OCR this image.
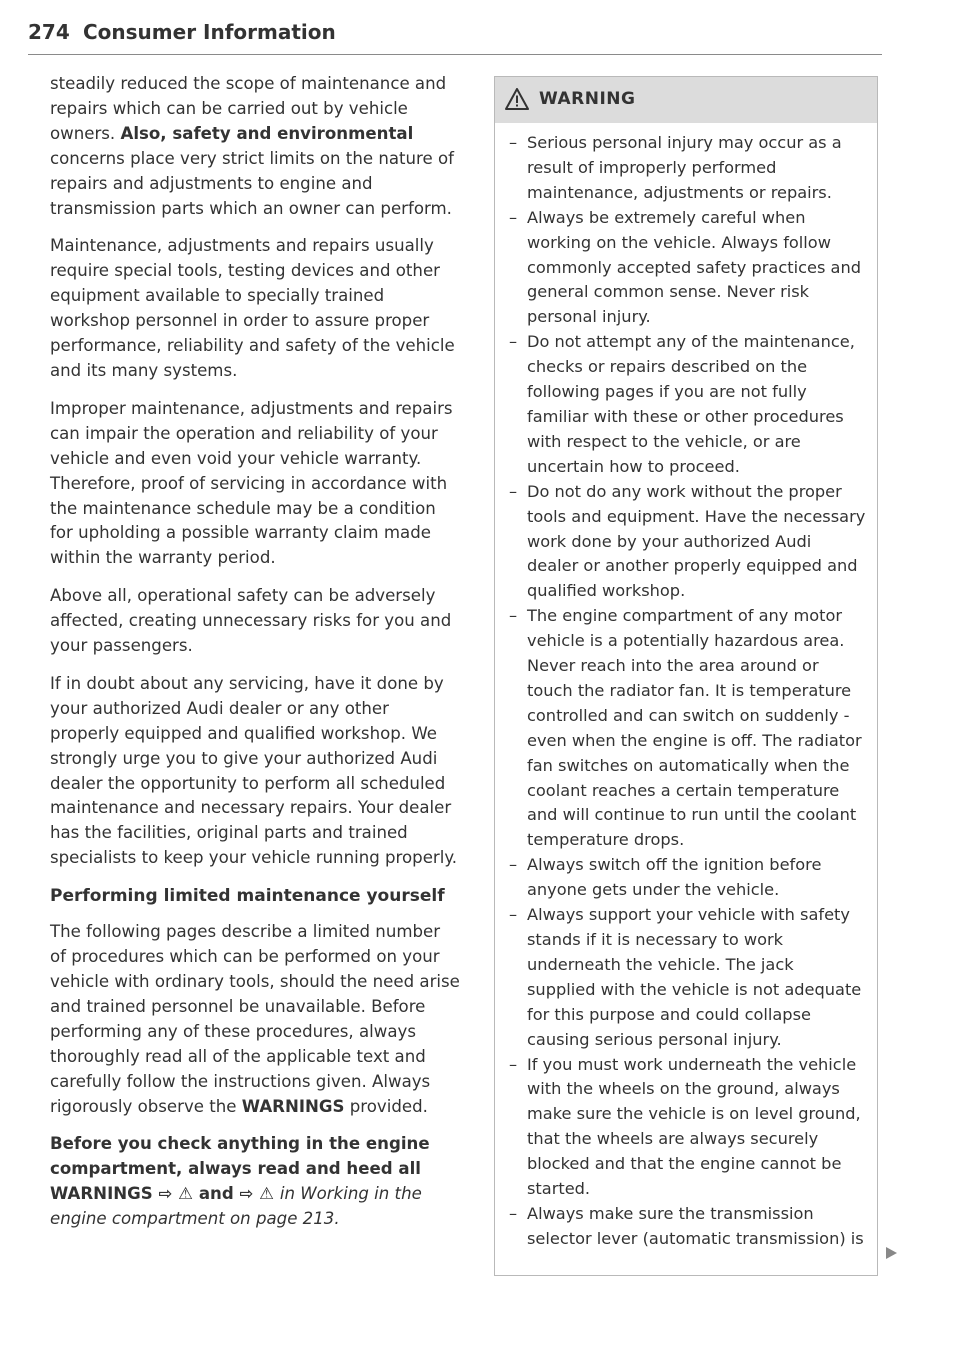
274 Consumer Information

steadily reduced the scope of maintenance and repairs which can be carried out by vehicle owners. Also, safety and environmental concerns place very strict limits on the nature of repairs and adjustments to engine and transmission parts which an owner can perform.

Maintenance, adjustments and repairs usually require special tools, testing devices and other equipment available to specially trained workshop personnel in order to assure proper performance, reliability and safety of the vehicle and its many systems.

Improper maintenance, adjustments and repairs can impair the operation and reliability of your vehicle and even void your vehicle warranty. Therefore, proof of servicing in accordance with the maintenance schedule may be a condition for upholding a possible warranty claim made within the warranty period.

Above all, operational safety can be adversely affected, creating unnecessary risks for you and your passengers.

If in doubt about any servicing, have it done by your authorized Audi dealer or any other properly equipped and qualified workshop. We strongly urge you to give your authorized Audi dealer the opportunity to perform all scheduled maintenance and necessary repairs. Your dealer has the facilities, original parts and trained specialists to keep your vehicle running properly.

Performing limited maintenance yourself

The following pages describe a limited number of procedures which can be performed on your vehicle with ordinary tools, should the need arise and trained personnel be unavailable. Before performing any of these procedures, always thoroughly read all of the applicable text and carefully follow the instructions given. Always rigorously observe the WARNINGS provided.

Before you check anything in the engine compartment, always read and heed all WARNINGS ⇨ ⚠ and ⇨ ⚠ in Working in the engine compartment on page 213.

WARNING
– Serious personal injury may occur as a result of improperly performed maintenance, adjustments or repairs.
– Always be extremely careful when working on the vehicle. Always follow commonly accepted safety practices and general common sense. Never risk personal injury.
– Do not attempt any of the maintenance, checks or repairs described on the following pages if you are not fully familiar with these or other procedures with respect to the vehicle, or are uncertain how to proceed.
– Do not do any work without the proper tools and equipment. Have the necessary work done by your authorized Audi dealer or another properly equipped and qualified workshop.
– The engine compartment of any motor vehicle is a potentially hazardous area. Never reach into the area around or touch the radiator fan. It is temperature controlled and can switch on suddenly - even when the engine is off. The radiator fan switches on automatically when the coolant reaches a certain temperature and will continue to run until the coolant temperature drops.
– Always switch off the ignition before anyone gets under the vehicle.
– Always support your vehicle with safety stands if it is necessary to work underneath the vehicle. The jack supplied with the vehicle is not adequate for this purpose and could collapse causing serious personal injury.
– If you must work underneath the vehicle with the wheels on the ground, always make sure the vehicle is on level ground, that the wheels are always securely blocked and that the engine cannot be started.
– Always make sure the transmission selector lever (automatic transmission) is
